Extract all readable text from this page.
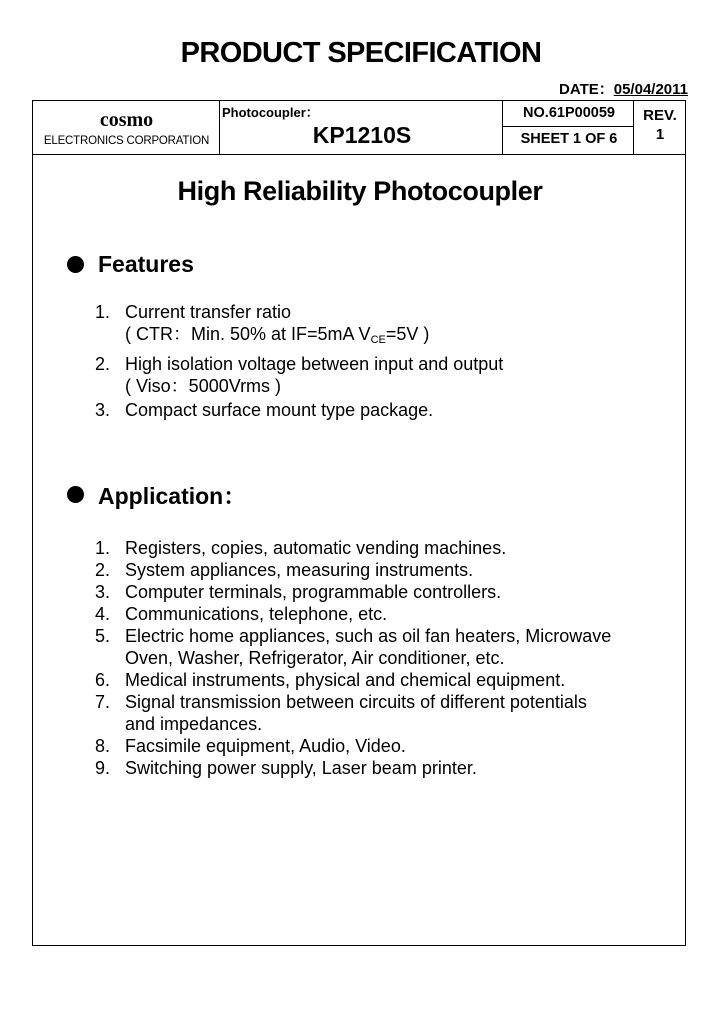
PRODUCT SPECIFICATION
DATE：05/04/2011
cosmo
ELECTRONICS CORPORATION
Photocoupler：
KP1210S
NO.61P00059
SHEET 1 OF 6
REV.
1
High Reliability Photocoupler
Features
1. Current transfer ratio
( CTR：Min. 50% at IF=5mA $V_{CE}=5V$ )
2. High isolation voltage between input and output
( Viso：5000Vrms )
3. Compact surface mount type package.
Application：
1. Registers, copies, automatic vending machines.
2. System appliances, measuring instruments.
3. Computer terminals, programmable controllers.
4. Communications, telephone, etc.
5. Electric home appliances, such as oil fan heaters, Microwave
Oven, Washer, Refrigerator, Air conditioner, etc.
6. Medical instruments, physical and chemical equipment.
7. Signal transmission between circuits of different potentials
and impedances.
8. Facsimile equipment, Audio, Video.
9. Switching power supply, Laser beam printer.
